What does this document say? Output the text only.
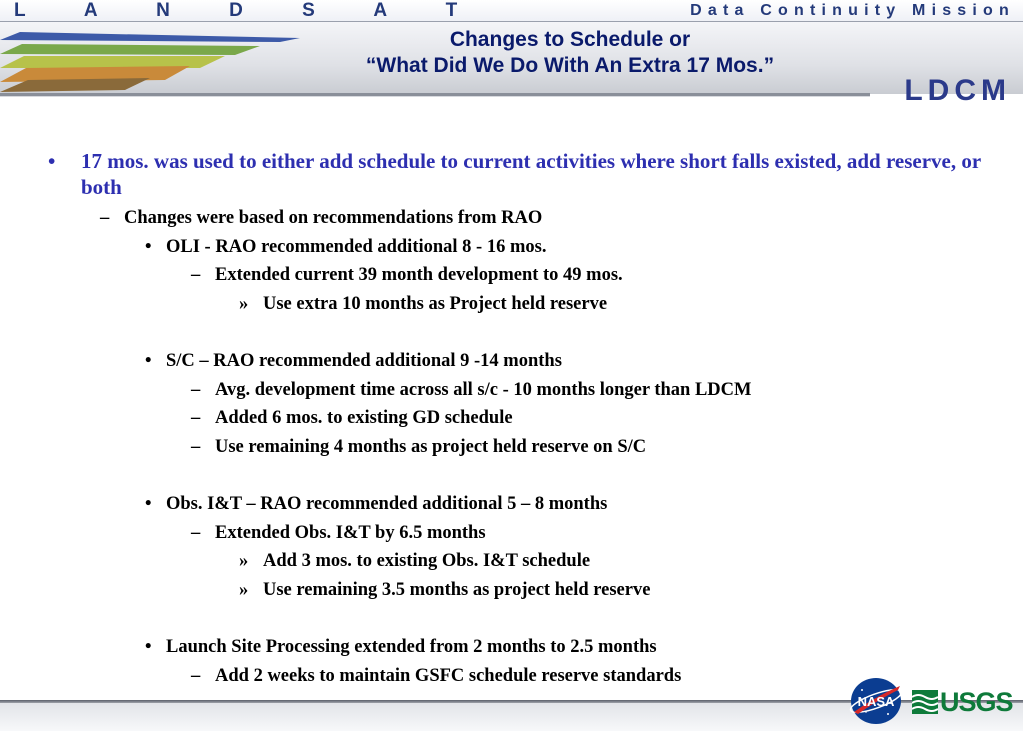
L A N D S A T	Data Continuity Mission
Changes to Schedule or
“What Did We Do With An Extra 17 Mos.”
LDCM
• 17 mos. was used to either add schedule to current activities where short falls existed, add reserve, or both
– Changes were based on recommendations from RAO
• OLI - RAO recommended additional 8 - 16 mos.
– Extended current 39 month development to 49 mos.
» Use extra 10 months as Project held reserve
• S/C – RAO recommended additional 9 -14 months
– Avg. development time across all s/c - 10 months longer than LDCM
– Added 6 mos. to existing GD schedule
– Use remaining 4 months as project held reserve on S/C
• Obs. I&T – RAO recommended additional 5 – 8 months
– Extended Obs. I&T by 6.5 months
» Add 3 mos. to existing Obs. I&T schedule
» Use remaining 3.5 months as project held reserve
• Launch Site Processing extended from 2 months to 2.5 months
– Add 2 weeks to maintain GSFC schedule reserve standards
NASA USGS
